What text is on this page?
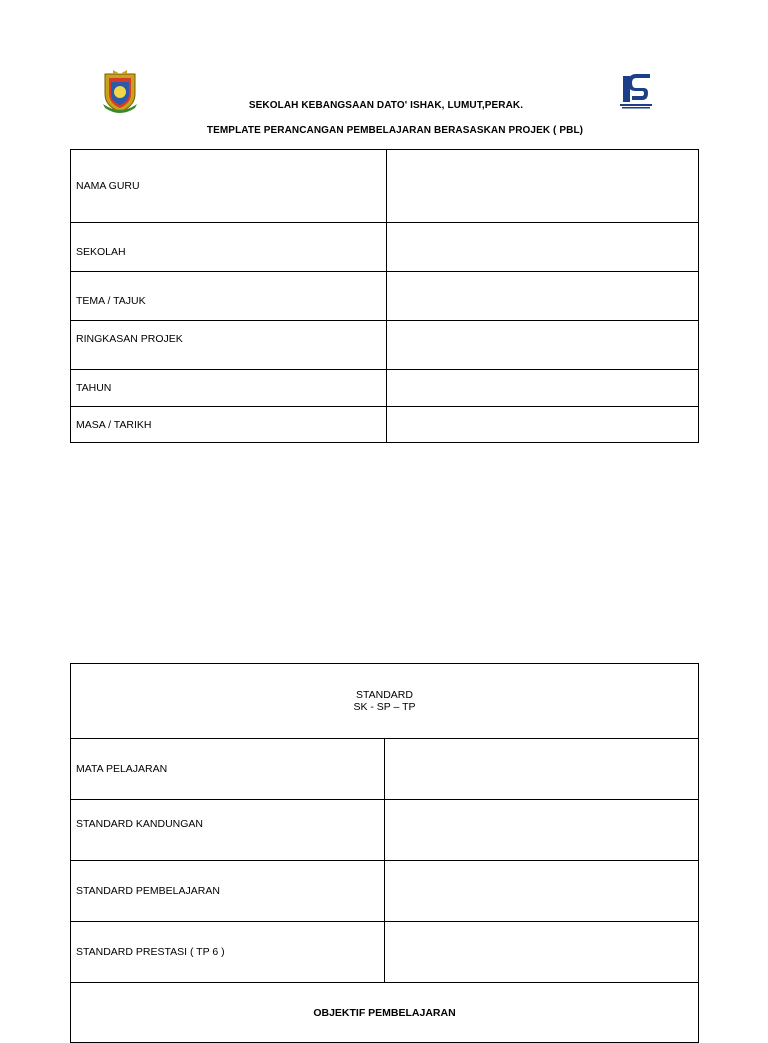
SEKOLAH KEBANGSAAN DATO' ISHAK, LUMUT,PERAK.
TEMPLATE PERANCANGAN PEMBELAJARAN BERASASKAN PROJEK ( PBL)
NAMA GURU	
SEKOLAH	
TEMA / TAJUK	
RINGKASAN PROJEK	
TAHUN	
MASA / TARIKH	
STANDARD
SK - SP – TP	

MATA PELAJARAN	
STANDARD KANDUNGAN	
STANDARD PEMBELAJARAN	
STANDARD PRESTASI ( TP 6 )	
OBJEKTIF PEMBELAJARAN	
